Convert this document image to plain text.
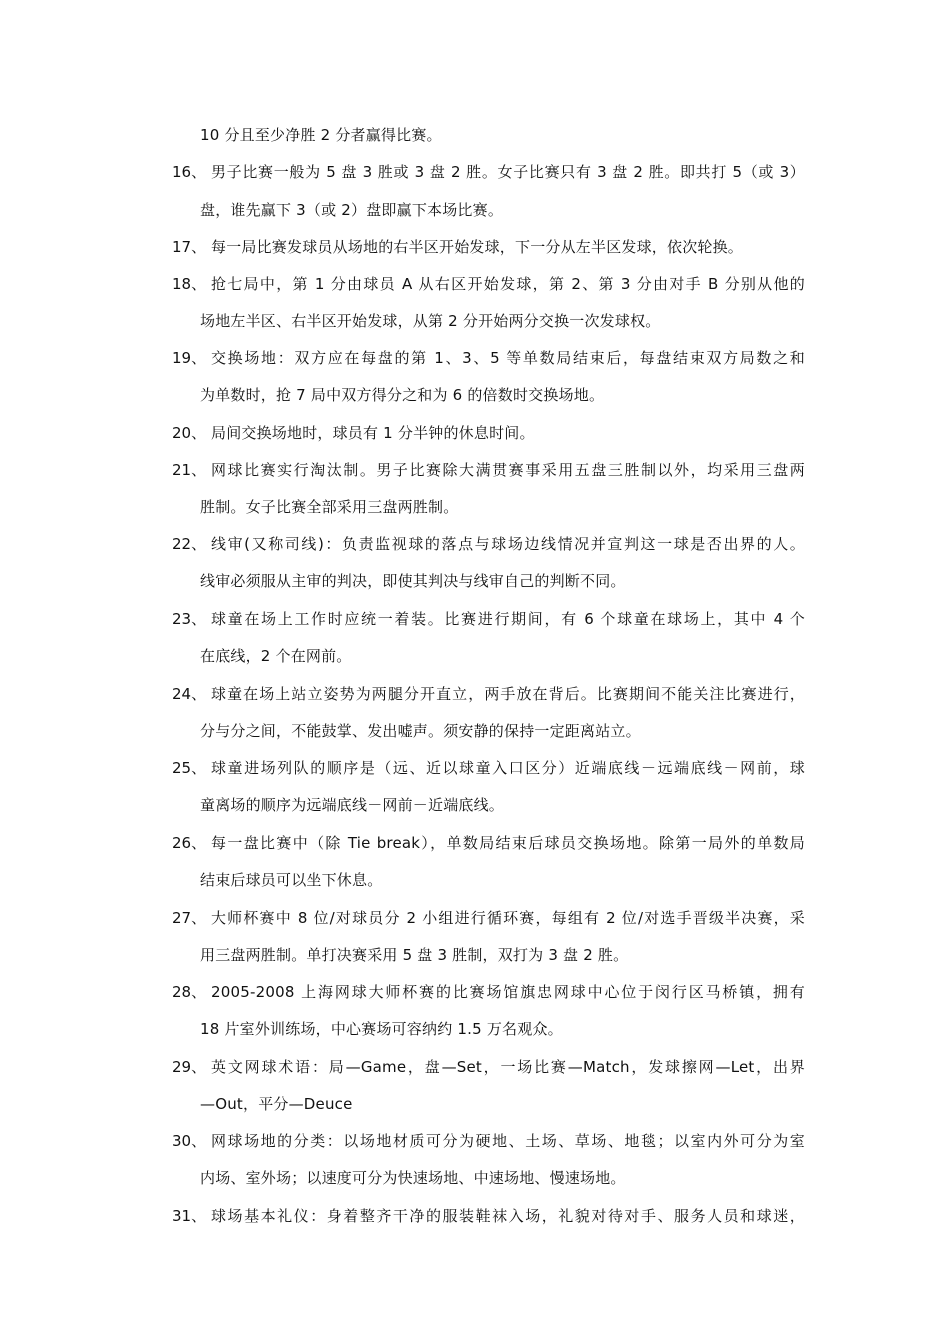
10 分且至少净胜 2 分者赢得比赛。
16、 男子比赛一般为 5 盘 3 胜或 3 盘 2 胜。女子比赛只有 3 盘 2 胜。即共打 5（或 3）
盘，谁先赢下 3（或 2）盘即赢下本场比赛。
17、 每一局比赛发球员从场地的右半区开始发球，下一分从左半区发球，依次轮换。
18、 抢七局中，第 1 分由球员 A 从右区开始发球，第 2、第 3 分由对手 B 分别从他的
场地左半区、右半区开始发球，从第 2 分开始两分交换一次发球权。
19、 交换场地：双方应在每盘的第 1、3、5 等单数局结束后，每盘结束双方局数之和
为单数时，抢 7 局中双方得分之和为 6 的倍数时交换场地。
20、 局间交换场地时，球员有 1 分半钟的休息时间。
21、 网球比赛实行淘汰制。男子比赛除大满贯赛事采用五盘三胜制以外，均采用三盘两
胜制。女子比赛全部采用三盘两胜制。
22、 线审(又称司线)：负责监视球的落点与球场边线情况并宣判这一球是否出界的人。
线审必须服从主审的判决，即使其判决与线审自己的判断不同。
23、 球童在场上工作时应统一着装。比赛进行期间，有 6 个球童在球场上，其中 4 个
在底线，2 个在网前。
24、 球童在场上站立姿势为两腿分开直立，两手放在背后。比赛期间不能关注比赛进行，
分与分之间，不能鼓掌、发出嘘声。须安静的保持一定距离站立。
25、 球童进场列队的顺序是（远、近以球童入口区分）近端底线－远端底线－网前，球
童离场的顺序为远端底线－网前－近端底线。
26、 每一盘比赛中（除 Tie break），单数局结束后球员交换场地。除第一局外的单数局
结束后球员可以坐下休息。
27、 大师杯赛中 8 位/对球员分 2 小组进行循环赛，每组有 2 位/对选手晋级半决赛，采
用三盘两胜制。单打决赛采用 5 盘 3 胜制，双打为 3 盘 2 胜。
28、 2005-2008 上海网球大师杯赛的比赛场馆旗忠网球中心位于闵行区马桥镇，拥有
18 片室外训练场，中心赛场可容纳约 1.5 万名观众。
29、 英文网球术语：局—Game，盘—Set，一场比赛—Match，发球擦网—Let，出界
—Out，平分—Deuce
30、 网球场地的分类：以场地材质可分为硬地、土场、草场、地毯；以室内外可分为室
内场、室外场；以速度可分为快速场地、中速场地、慢速场地。
31、 球场基本礼仪：身着整齐干净的服装鞋袜入场，礼貌对待对手、服务人员和球迷，
